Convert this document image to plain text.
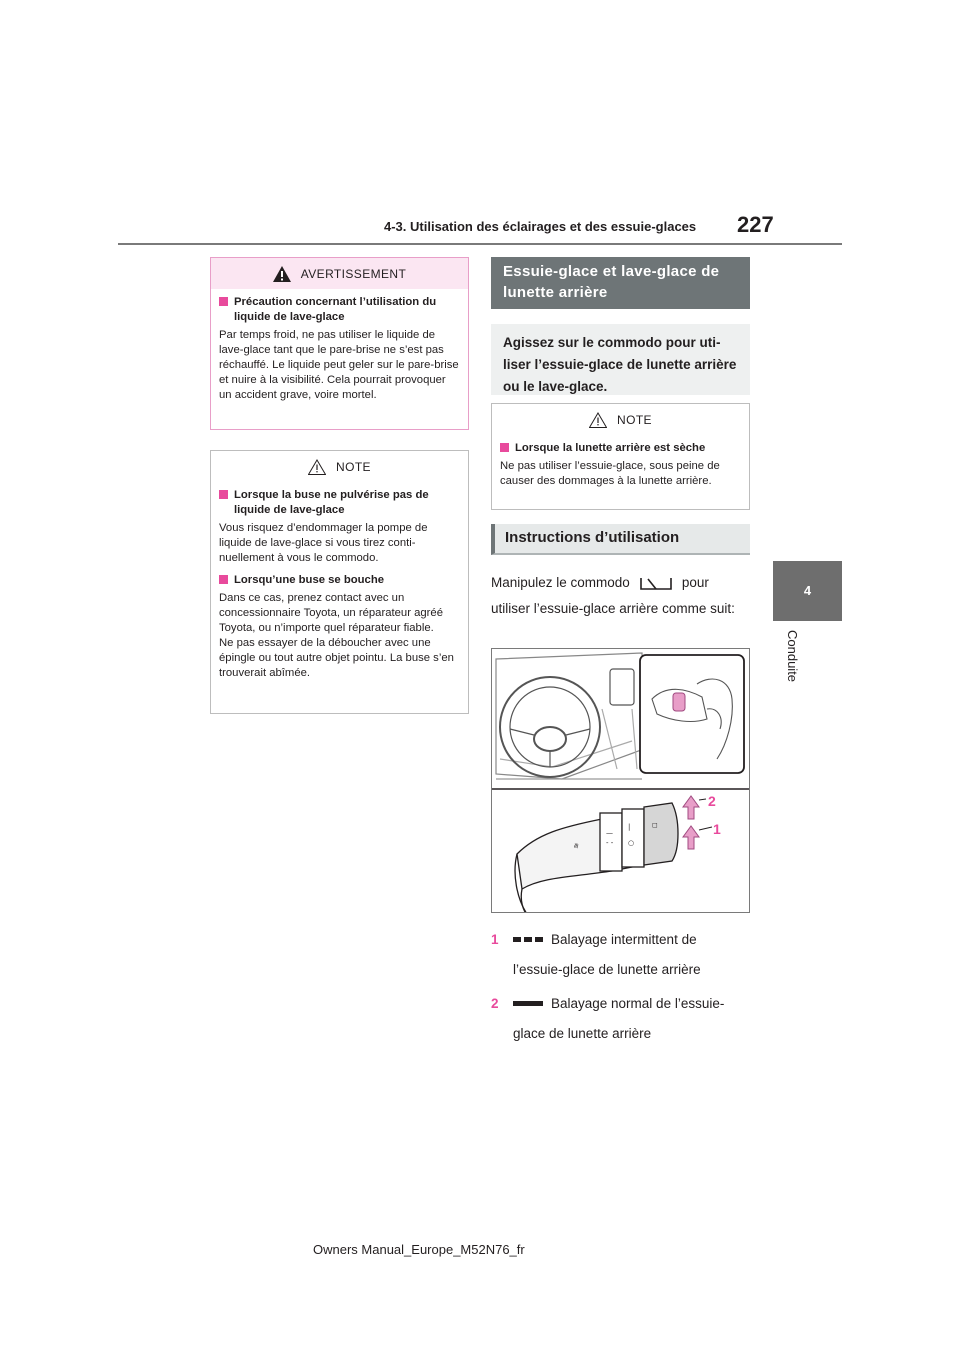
4-3. Utilisation des éclairages et des essuie-glaces 227
4
Conduite
AVERTISSEMENT
Précaution concernant l’utilisation du liquide de lave-glace
Par temps froid, ne pas utiliser le liquide de lave-glace tant que le pare-brise ne s’est pas réchauffé. Le liquide peut geler sur le pare-brise et nuire à la visibilité. Cela pourrait provoquer un accident grave, voire mortel.
NOTE
Lorsque la buse ne pulvérise pas de liquide de lave-glace
Vous risquez d’endommager la pompe de liquide de lave-glace si vous tirez conti-nuellement à vous le commodo.
Lorsqu’une buse se bouche
Dans ce cas, prenez contact avec un concessionnaire Toyota, un réparateur agréé Toyota, ou n’importe quel réparateur fiable.
Ne pas essayer de la déboucher avec une épingle ou tout autre objet pointu. La buse s’en trouverait abîmée.
Essuie-glace et lave-glace de lunette arrière
Agissez sur le commodo pour uti-liser l’essuie-glace de lunette arrière ou le lave-glace.
NOTE
Lorsque la lunette arrière est sèche
Ne pas utiliser l’essuie-glace, sous peine de causer des dommages à la lunette arrière.
Instructions d’utilisation
Manipulez le commodo	pour utiliser l’essuie-glace arrière comme suit:
≋
—
- -
|
○
◻	1
2
1	Balayage intermittent de
l’essuie-glace de lunette arrière
2	Balayage normal de l’essuie-
glace de lunette arrière
Owners Manual_Europe_M52N76_fr
